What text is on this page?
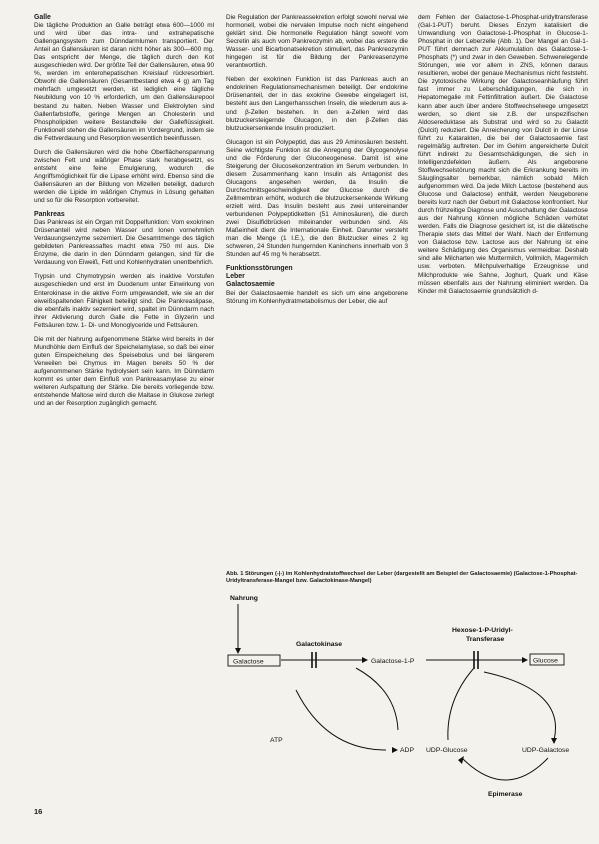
Galle

Die tägliche Produktion an Galle beträgt etwa 600—1000 ml und wird über das intra- und extrahepatische Gallengangsystem zum Dünndarmlumen transportiert. Der Anteil an Gallensäuren ist daran nicht höher als 300—600 mg. Das entspricht der Menge, die täglich durch den Kot ausgeschieden wird. Der größte Teil der Gallensäuren, etwa 90 %, werden im enterohepatischen Kreislauf rückresorbiert. Obwohl die Gallensäuren (Gesamtbestand etwa 4 g) am Tag mehrfach umgesetzt werden, ist lediglich eine tägliche Neubildung von 10 % erforderlich, um den Gallensäurepool bestand zu halten. Neben Wasser und Elektrolyten sind Gallenfarbstoffe, geringe Mengen an Cholesterin und Phospholipiden weitere Bestandteile der Galleflüssigkeit. Funktionell stehen die Gallensäuren im Vordergrund, indem sie die Fettverdauung und Resorption wesentlich beeinflussen.

Durch die Gallensäuren wird die hohe Oberflächenspannung zwischen Fett und wäßriger Phase stark herabgesetzt, es entsteht eine feine Emulgierung, wodurch die Angriffsmöglichkeit für die Lipase erhöht wird. Ebenso sind die Gallensäuren an der Bildung von Mizellen beteiligt, dadurch werden die Lipide im wäßrigen Chymus in Lösung gehalten und so für die Resorption vorbereitet.

Pankreas

Das Pankreas ist ein Organ mit Doppelfunktion: Vom exokrinen Drüsenanteil wird neben Wasser und Ionen vornehmlich Verdauungsenzyme sezerniert. Die Gesamtmenge des täglich gebildeten Pankreassaftes macht etwa 750 ml aus. Die Enzyme, die darin in den Dünndarm gelangen, sind für die Verdauung von Eiweiß, Fett und Kohlenhydraten unentbehrlich.

Trypsin und Chymotrypsin werden als inaktive Vorstufen ausgeschieden und erst im Duodenum unter Einwirkung von Enterokinase in die aktive Form umgewandelt, wie sie an der eiweißspaltenden Fähigkeit beteiligt sind. Die Pankreaslipase, die ebenfalls inaktiv sezerniert wird, spaltet im Dünndarm nach ihrer Aktivierung durch Galle die Fette in Glyzerin und Fettsäuren bzw. 1- Di- und Monoglyceride und Fettsäuren.

Die mit der Nahrung aufgenommene Stärke wird bereits in der Mundhöhle dem Einfluß der Speichelamylase, so daß bei einer guten Einspeichelung des Speisebolus und bei längerem Verweilen bei Chymus im Magen bereits 50 % der aufgenommenen Stärke hydrolysiert sein kann. Im Dünndarm kommt es unter dem Einfluß von Pankreasamylase zu einer weiteren Aufspaltung der Stärke. Die bereits vorliegende bzw. entstehende Maltose wird durch die Maltase in Glukose zerlegt und an der Resorption zugänglich gemacht.

Die Regulation der Pankreassekretion erfolgt sowohl nerval wie hormonell, wobei die nervalen Impulse noch nicht eingehend geklärt sind. Die hormonelle Regulation hängt sowohl vom Secretin als auch vom Pankreozymin ab, wobei das erstere die Wasser- und Bicarbonatsekretion stimuliert, das Pankreozymin hingegen ist für die Bildung der Pankreasenzyme verantwortlich.

Neben der exokrinen Funktion ist das Pankreas auch an endokrinen Regulationsmechanismen beteiligt. Der endokrine Drüsenanteil, der in das exokrine Gewebe eingelagert ist, besteht aus den Langerhansschen Inseln, die wiederum aus a- und β-Zellen bestehen. In den a-Zellen wird das blutzuckersteigernde Glucagon, in den β-Zellen das blutzuckersenkende Insulin produziert.

Glucagon ist ein Polypeptid, das aus 29 Aminosäuren besteht. Seine wichtigste Funktion ist die Anregung der Glycogenolyse und die Förderung der Gluconeogenese. Damit ist eine Steigerung der Glucosekonzentration im Serum verbunden. In diesem Zusammenhang kann Insulin als Antagonist des Glucagons angesehen werden, da Insulin die Durchschnittsgeschwindigkeit der Glucose durch die Zellmembran erhöht, wodurch die blutzuckersenkende Wirkung erzielt wird. Das Insulin besteht aus zwei untereinander verbundenen Polypeptidketten (51 Aminosäuren), die durch zwei Disulfidbrücken miteinander verbunden sind. Als Maßeinheit dient die Internationale Einheit. Darunter versteht man die Menge (1 I.E.), die den Blutzucker eines 2 kg schweren, 24 Stunden hungernden Kaninchens innerhalb von 3 Stunden auf 45 mg % herabsetzt.

Funktionsstörungen
Leber
Galactosaemie

Bei der Galactosaemie handelt es sich um eine angeborene Störung im Kohlenhydratmetabolismus der Leber, die auf

dem Fehlen der Galactose-1-Phosphat-uridyltransferase (Gal-1-PUT) beruht. Dieses Enzym katalisiert die Umwandlung von Galactose-1-Phosphat in Glucose-1-Phosphat in der Leberzelle (Abb. 1). Der Mangel an Gal-1-PUT führt demnach zur Akkumulation des Galactose-1-Phosphats (*) und zwar in den Geweben. Schwerwiegende Störungen, wie vor allem in ZNS, können daraus resultieren, wobei der genaue Mechanismus nicht feststeht. Die zytotoxische Wirkung der Galactoseanhäufung führt fast immer zu Leberschädigungen, die sich in Hepatomegalie mit Fettinfiltration äußert. Die Galactose kann aber auch über andere Stoffwechselwege umgesetzt werden, so dient sie z.B. der unspezifischen Aldosereduktase als Substrat und wird so zu Galactit (Dulcit) reduziert. Die Anreicherung von Dulcit in der Linse führt zu Katarakten, die bei der Galactosaemie fast regelmäßig auftreten. Der im Gehirn angereicherte Dulcit führt indirekt zu Gesamtschädigungen, die sich in Intelligenzdefekten äußern. Als angeborene Stoffwechselstörung macht sich die Erkrankung bereits im Säuglingsalter bemerkbar, nämlich sobald Milch aufgenommen wird. Da jede Milch Lactose (bestehend aus Glucose und Galactose) enthält, werden Neugeborene bereits kurz nach der Geburt mit Galactose konfrontiert. Nur durch frühzeitige Diagnose und Ausschaltung der Galactose aus der Nahrung können mögliche Schäden verhütet werden. Falls die Diagnose gesichert ist, ist die diätetische Therapie stets das Mittel der Wahl. Nach der Entfernung von Galactose bzw. Lactose aus der Nahrung ist eine weitere Schädigung des Organismus vermeidbar. Deshalb sind alle Milcharten wie Muttermilch, Vollmilch, Magermilch usw. verboten. Milchpulverhaltige Erzeugnisse und Milchprodukte wie Sahne, Joghurt, Quark und Käse müssen ebenfalls aus der Nahrung eliminiert werden. Da Kinder mit Galactosaemie grundsätzlich d-

Abb. 1 Störungen (-|-) im Kohlenhydratstoffwechsel der Leber (dargestellt am Beispiel der Galactosaemie) (Galactose-1-Phosphat-Uridyltransferase-Mangel bzw. Galactokinase-Mangel)
Nahrung
Galactose
Galactokinase
Galactose-1-P
Hexose-1-P-Uridyl-
Transferase
Glucose
ATP
ADP UDP-Glucose	UDP-Galactose
Epimerase
16
